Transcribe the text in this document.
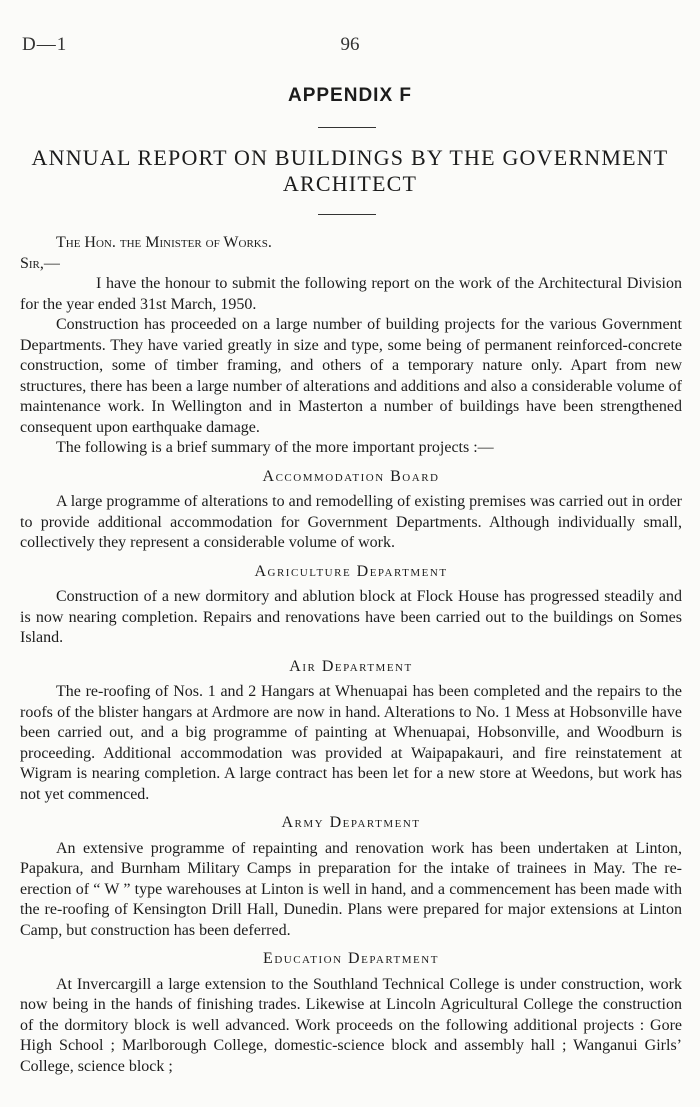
D—1	96
APPENDIX F
ANNUAL REPORT ON BUILDINGS BY THE GOVERNMENT ARCHITECT

The Hon. the Minister of Works.

Sir,—

I have the honour to submit the following report on the work of the Architectural Division for the year ended 31st March, 1950.

Construction has proceeded on a large number of building projects for the various Government Departments. They have varied greatly in size and type, some being of permanent reinforced-concrete construction, some of timber framing, and others of a temporary nature only. Apart from new structures, there has been a large number of alterations and additions and also a considerable volume of maintenance work. In Wellington and in Masterton a number of buildings have been strengthened consequent upon earthquake damage.

The following is a brief summary of the more important projects :—

Accommodation Board

A large programme of alterations to and remodelling of existing premises was carried out in order to provide additional accommodation for Government Departments. Although individually small, collectively they represent a considerable volume of work.

Agriculture Department

Construction of a new dormitory and ablution block at Flock House has progressed steadily and is now nearing completion. Repairs and renovations have been carried out to the buildings on Somes Island.

Air Department

The re-roofing of Nos. 1 and 2 Hangars at Whenuapai has been completed and the repairs to the roofs of the blister hangars at Ardmore are now in hand. Alterations to No. 1 Mess at Hobsonville have been carried out, and a big programme of painting at Whenuapai, Hobsonville, and Woodburn is proceeding. Additional accommodation was provided at Waipapakauri, and fire reinstatement at Wigram is nearing completion. A large contract has been let for a new store at Weedons, but work has not yet commenced.

Army Department

An extensive programme of repainting and renovation work has been undertaken at Linton, Papakura, and Burnham Military Camps in preparation for the intake of trainees in May. The re-erection of “ W ” type warehouses at Linton is well in hand, and a commencement has been made with the re-roofing of Kensington Drill Hall, Dunedin. Plans were prepared for major extensions at Linton Camp, but construction has been deferred.

Education Department

At Invercargill a large extension to the Southland Technical College is under construction, work now being in the hands of finishing trades. Likewise at Lincoln Agricultural College the construction of the dormitory block is well advanced. Work proceeds on the following additional projects : Gore High School ; Marlborough College, domestic-science block and assembly hall ; Wanganui Girls’ College, science block ;
